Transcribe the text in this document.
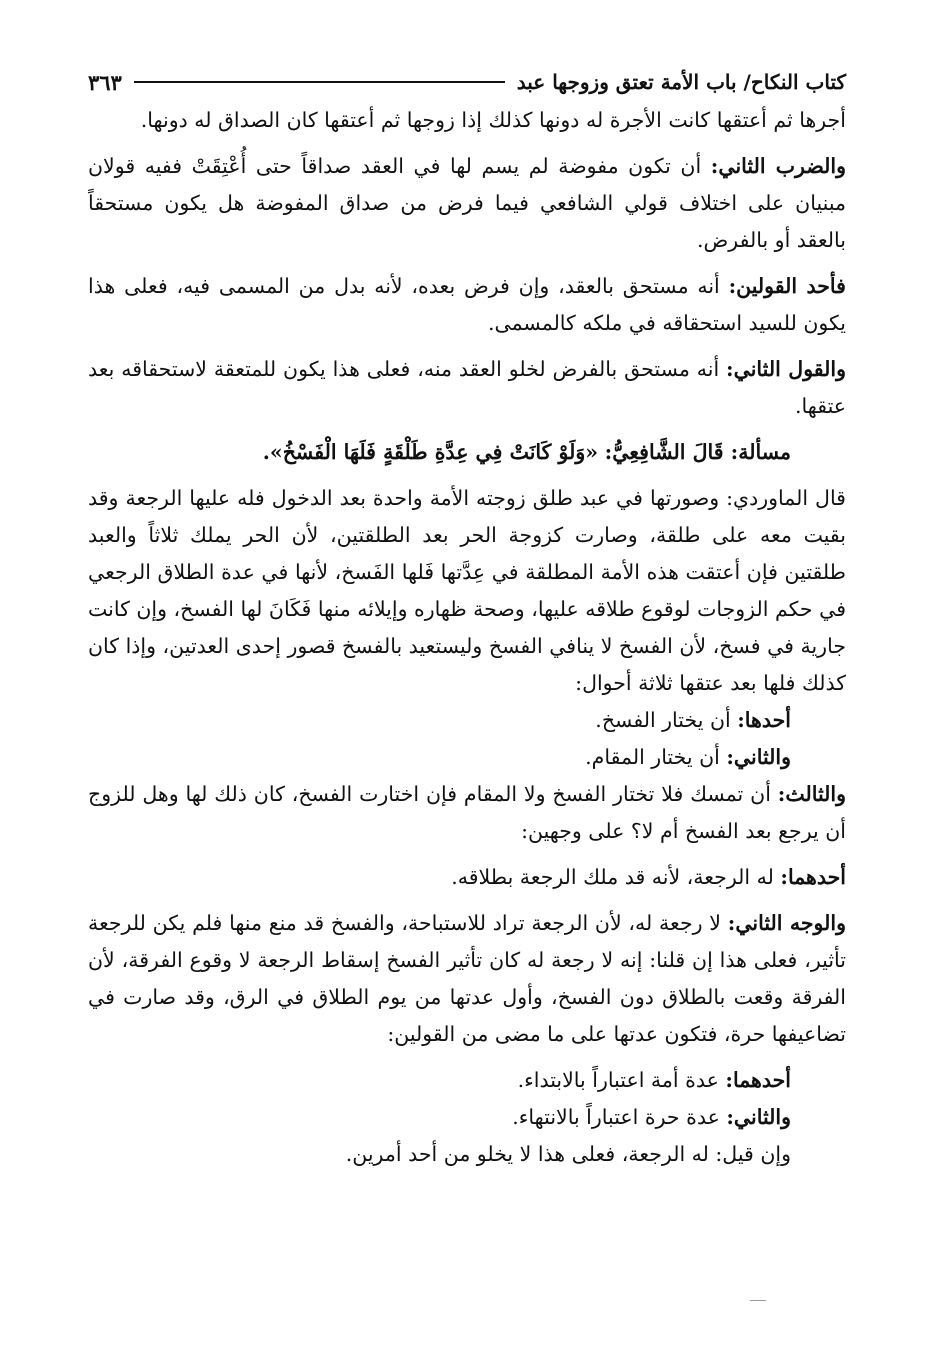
كتاب النكاح/ باب الأمة تعتق وزوجها عبد
٣٦٣

أجرها ثم أعتقها كانت الأجرة له دونها كذلك إذا زوجها ثم أعتقها كان الصداق له دونها.

والضرب الثاني: أن تكون مفوضة لم يسم لها في العقد صداقاً حتى أُعْتِقَتْ ففيه قولان مبنيان على اختلاف قولي الشافعي فيما فرض من صداق المفوضة هل يكون مستحقاً بالعقد أو بالفرض.

فأحد القولين: أنه مستحق بالعقد، وإن فرض بعده، لأنه بدل من المسمى فيه، فعلى هذا يكون للسيد استحقاقه في ملكه كالمسمى.

والقول الثاني: أنه مستحق بالفرض لخلو العقد منه، فعلى هذا يكون للمتعقة لاستحقاقه بعد عتقها.

مسألة: قَالَ الشَّافِعِيُّ: «وَلَوْ كَانَتْ فِي عِدَّةِ طَلْقَةٍ فَلَهَا الْفَسْخُ».

قال الماوردي: وصورتها في عبد طلق زوجته الأمة واحدة بعد الدخول فله عليها الرجعة وقد بقيت معه على طلقة، وصارت كزوجة الحر بعد الطلقتين، لأن الحر يملك ثلاثاً والعبد طلقتين فإن أعتقت هذه الأمة المطلقة في عِدَّتها فَلها الفَسخ، لأنها في عدة الطلاق الرجعي في حكم الزوجات لوقوع طلاقه عليها، وصحة ظهاره وإيلائه منها فَكَانَ لها الفسخ، وإن كانت جارية في فسخ، لأن الفسخ لا ينافي الفسخ وليستعيد بالفسخ قصور إحدى العدتين، وإذا كان كذلك فلها بعد عتقها ثلاثة أحوال:

أحدها: أن يختار الفسخ.

والثاني: أن يختار المقام.

والثالث: أن تمسك فلا تختار الفسخ ولا المقام فإن اختارت الفسخ، كان ذلك لها وهل للزوج أن يرجع بعد الفسخ أم لا؟ على وجهين:

أحدهما: له الرجعة، لأنه قد ملك الرجعة بطلاقه.

والوجه الثاني: لا رجعة له، لأن الرجعة تراد للاستباحة، والفسخ قد منع منها فلم يكن للرجعة تأثير، فعلى هذا إن قلنا: إنه لا رجعة له كان تأثير الفسخ إسقاط الرجعة لا وقوع الفرقة، لأن الفرقة وقعت بالطلاق دون الفسخ، وأول عدتها من يوم الطلاق في الرق، وقد صارت في تضاعيفها حرة، فتكون عدتها على ما مضى من القولين:

أحدهما: عدة أمة اعتباراً بالابتداء.

والثاني: عدة حرة اعتباراً بالانتهاء.

وإن قيل: له الرجعة، فعلى هذا لا يخلو من أحد أمرين.
